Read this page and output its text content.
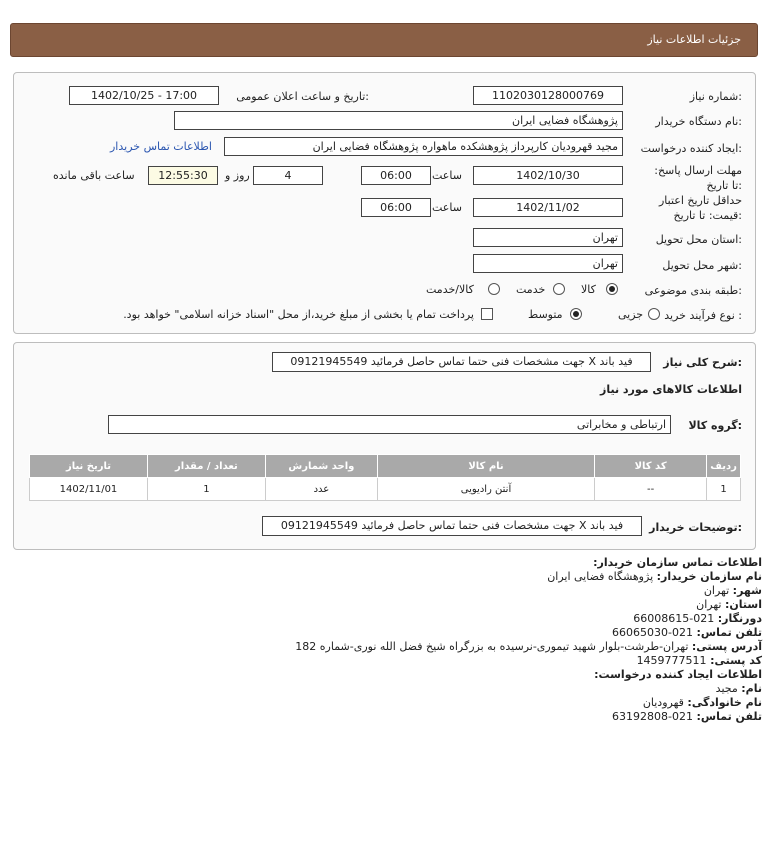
جزئیات اطلاعات نیاز
شماره نیاز:
1102030128000769
تاریخ و ساعت اعلان عمومی:
1402/10/25 - 17:00
نام دستگاه خریدار:
پژوهشگاه فضایی ایران
ایجاد کننده درخواست:
مجید قهرودیان کارپرداز پژوهشکده ماهواره پژوهشگاه فضایی ایران
اطلاعات تماس خریدار
مهلت ارسال پاسخ: تا تاریخ:
1402/10/30
ساعت
06:00
4
روز و
12:55:30
ساعت باقی مانده
حداقل تاریخ اعتبار قیمت: تا تاریخ:
1402/11/02
ساعت
06:00
استان محل تحویل:
تهران
شهر محل تحویل:
تهران
طبقه بندی موضوعی:
کالا
خدمت
کالا/خدمت
نوع فرآیند خرید :
جزیی
متوسط
پرداخت تمام یا بخشی از مبلغ خرید،از محل "اسناد خزانه اسلامی" خواهد بود.
شرح کلی نیاز:
فید باند X جهت مشخصات فنی حتما تماس حاصل فرمائید 09121945549
اطلاعات کالاهای مورد نیاز
گروه کالا:
ارتباطی و مخابراتی
ردیف	کد کالا	نام کالا	واحد شمارش	تعداد / مقدار	تاریخ نیاز
1	--	آنتن رادیویی	عدد	1	1402/11/01
توضیحات خریدار:
فید باند X جهت مشخصات فنی حتما تماس حاصل فرمائید 09121945549
اطلاعات تماس سازمان خریدار:
نام سازمان خریدار: پژوهشگاه فضایی ایران
شهر: تهران
استان: تهران
دورنگار: 021-66008615
تلفن تماس: 021-66065030
آدرس پستی: تهران-طرشت-بلوار شهید تیموری-نرسیده به بزرگراه شیخ فضل الله نوری-شماره 182
کد پستی: 1459777511
اطلاعات ایجاد کننده درخواست:
نام: مجید
نام خانوادگی: قهرودیان
تلفن تماس: 021-63192808
